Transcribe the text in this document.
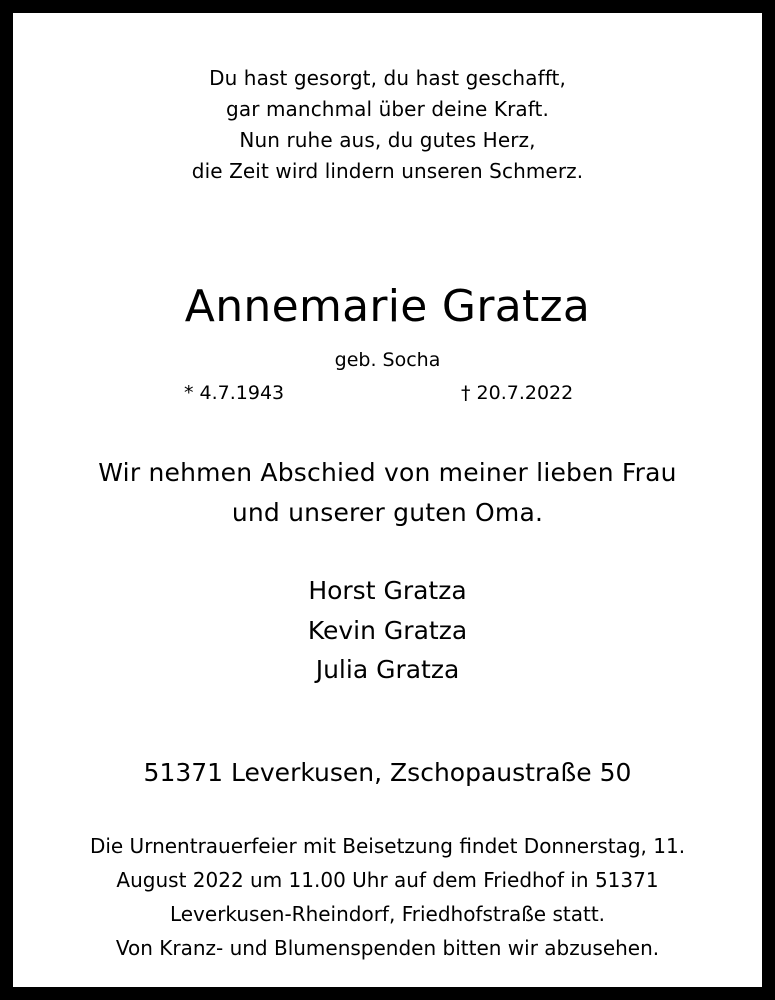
Du hast gesorgt, du hast geschafft,
gar manchmal über deine Kraft.
Nun ruhe aus, du gutes Herz,
die Zeit wird lindern unseren Schmerz.
Annemarie Gratza
geb. Socha
* 4.7.1943	† 20.7.2022
Wir nehmen Abschied von meiner lieben Frau
und unserer guten Oma.
Horst Gratza
Kevin Gratza
Julia Gratza
51371 Leverkusen, Zschopaustraße 50
Die Urnentrauerfeier mit Beisetzung findet Donnerstag, 11.
August 2022 um 11.00 Uhr auf dem Friedhof in 51371
Leverkusen-Rheindorf, Friedhofstraße statt.
Von Kranz- und Blumenspenden bitten wir abzusehen.
